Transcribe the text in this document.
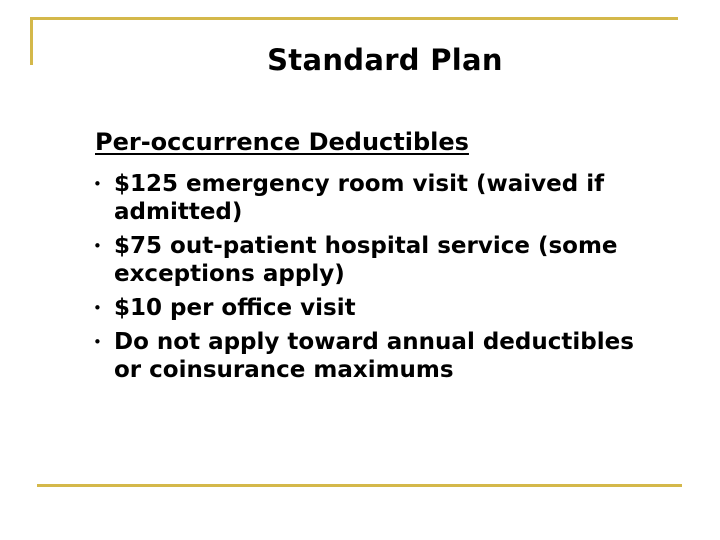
Standard Plan
Per-occurrence Deductibles
• $125 emergency room visit (waived if admitted)
• $75 out-patient hospital service (some exceptions apply)
• $10 per office visit
• Do not apply toward annual deductibles or coinsurance maximums
